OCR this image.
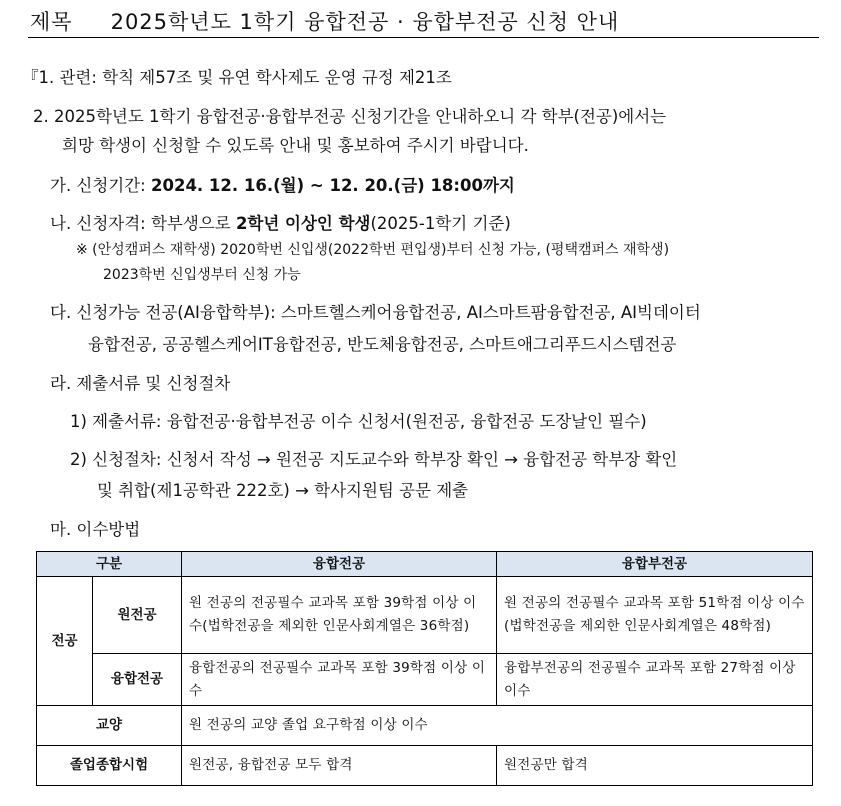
제목 2025학년도 1학기 융합전공 · 융합부전공 신청 안내
『1. 관련: 학칙 제57조 및 유연 학사제도 운영 규정 제21조
2. 2025학년도 1학기 융합전공·융합부전공 신청기간을 안내하오니 각 학부(전공)에서는
희망 학생이 신청할 수 있도록 안내 및 홍보하여 주시기 바랍니다.
가. 신청기간: 2024. 12. 16.(월) ~ 12. 20.(금) 18:00까지
나. 신청자격: 학부생으로 2학년 이상인 학생(2025-1학기 기준)
※ (안성캠퍼스 재학생) 2020학번 신입생(2022학번 편입생)부터 신청 가능, (평택캠퍼스 재학생)
2023학번 신입생부터 신청 가능
다. 신청가능 전공(AI융합학부): 스마트헬스케어융합전공, AI스마트팜융합전공, AI빅데이터
융합전공, 공공헬스케어IT융합전공, 반도체융합전공, 스마트애그리푸드시스템전공
라. 제출서류 및 신청절차
1) 제출서류: 융합전공·융합부전공 이수 신청서(원전공, 융합전공 도장날인 필수)
2) 신청절차: 신청서 작성 → 원전공 지도교수와 학부장 확인 → 융합전공 학부장 확인
및 취합(제1공학관 222호) → 학사지원팀 공문 제출
마. 이수방법
구분		융합전공	융합부전공
전공	원전공	원 전공의 전공필수 교과목 포함 39학점 이상 이수(법학전공을 제외한 인문사회계열은 36학점)	원 전공의 전공필수 교과목 포함 51학점 이상 이수(법학전공을 제외한 인문사회계열은 48학점)
	융합전공	융합전공의 전공필수 교과목 포함 39학점 이상 이수	융합부전공의 전공필수 교과목 포함 27학점 이상 이수
교양		원 전공의 교양 졸업 요구학점 이상 이수	
졸업종합시험		원전공, 융합전공 모두 합격	원전공만 합격
